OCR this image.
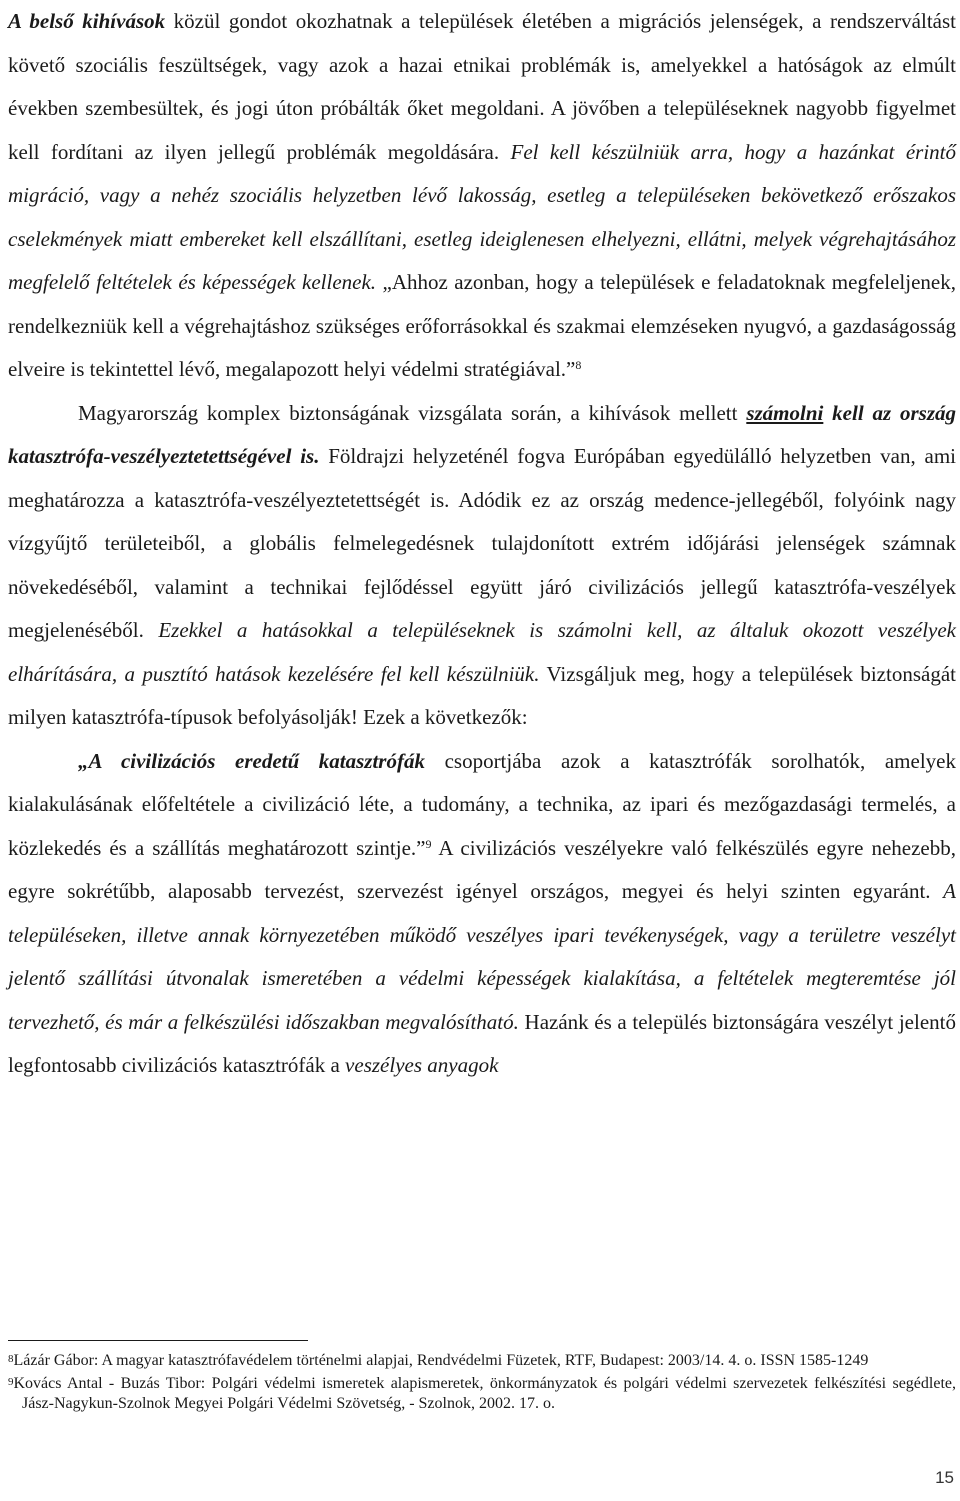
A belső kihívások közül gondot okozhatnak a települések életében a migrációs jelenségek, a rendszerváltást követő szociális feszültségek, vagy azok a hazai etnikai problémák is, amelyekkel a hatóságok az elmúlt években szembesültek, és jogi úton próbálták őket megoldani. A jövőben a településeknek nagyobb figyelmet kell fordítani az ilyen jellegű problémák megoldására. Fel kell készülniük arra, hogy a hazánkat érintő migráció, vagy a nehéz szociális helyzetben lévő lakosság, esetleg a településeken bekövetkező erőszakos cselekmények miatt embereket kell elszállítani, esetleg ideiglenesen elhelyezni, ellátni, melyek végrehajtásához megfelelő feltételek és képességek kellenek. „Ahhoz azonban, hogy a települések e feladatoknak megfeleljenek, rendelkezniük kell a végrehajtáshoz szükséges erőforrásokkal és szakmai elemzéseken nyugvó, a gazdaságosság elveire is tekintettel lévő, megalapozott helyi védelmi stratégiával.”$^8$

Magyarország komplex biztonságának vizsgálata során, a kihívások mellett számolni kell az ország katasztrófa-veszélyeztetettségével is. Földrajzi helyzeténél fogva Európában egyedülálló helyzetben van, ami meghatározza a katasztrófa-veszélyeztetettségét is. Adódik ez az ország medence-jellegéből, folyóink nagy vízgyűjtő területeiből, a globális felmelegedésnek tulajdonított extrém időjárási jelenségek számnak növekedéséből, valamint a technikai fejlődéssel együtt járó civilizációs jellegű katasztrófa-veszélyek megjelenéséből. Ezekkel a hatásokkal a településeknek is számolni kell, az általuk okozott veszélyek elhárítására, a pusztító hatások kezelésére fel kell készülniük. Vizsgáljuk meg, hogy a települések biztonságát milyen katasztrófa-típusok befolyásolják! Ezek a következők:

„A civilizációs eredetű katasztrófák csoportjába azok a katasztrófák sorolhatók, amelyek kialakulásának előfeltétele a civilizáció léte, a tudomány, a technika, az ipari és mezőgazdasági termelés, a közlekedés és a szállítás meghatározott szintje.”$^9$ A civilizációs veszélyekre való felkészülés egyre nehezebb, egyre sokrétűbb, alaposabb tervezést, szervezést igényel országos, megyei és helyi szinten egyaránt. A településeken, illetve annak környezetében működő veszélyes ipari tevékenységek, vagy a területre veszélyt jelentő szállítási útvonalak ismeretében a védelmi képességek kialakítása, a feltételek megteremtése jól tervezhető, és már a felkészülési időszakban megvalósítható. Hazánk és a település biztonságára veszélyt jelentő legfontosabb civilizációs katasztrófák a veszélyes anyagok

$^8$Lázár Gábor: A magyar katasztrófavédelem történelmi alapjai, Rendvédelmi Füzetek, RTF, Budapest: 2003/14. 4. o. ISSN 1585-1249

$^9$Kovács Antal - Buzás Tibor: Polgári védelmi ismeretek alapismeretek, önkormányzatok és polgári védelmi szervezetek felkészítési segédlete, Jász-Nagykun-Szolnok Megyei Polgári Védelmi Szövetség, - Szolnok, 2002. 17. o.

15
